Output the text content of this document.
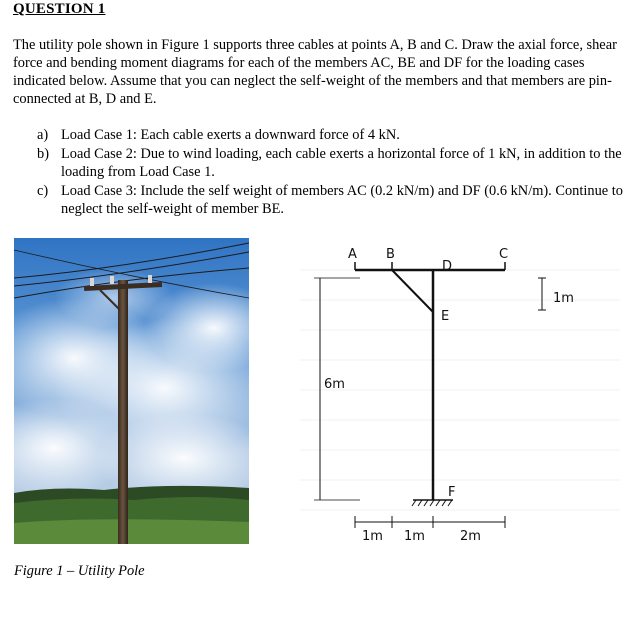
QUESTION 1
The utility pole shown in Figure 1 supports three cables at points A, B and C. Draw the axial force, shear force and bending moment diagrams for each of the members AC, BE and DF for the loading cases indicated below. Assume that you can neglect the self-weight of the members and that members are pin-connected at B, D and E.
a) Load Case 1: Each cable exerts a downward force of 4 kN.
b) Load Case 2: Due to wind loading, each cable exerts a horizontal force of 1 kN, in addition to the loading from Load Case 1.
c) Load Case 3: Include the self weight of members AC (0.2 kN/m) and DF (0.6 kN/m). Continue to neglect the self-weight of member BE.
A B	C
D
E
F
6m
1m
1m 1m	2m
Figure 1 – Utility Pole
